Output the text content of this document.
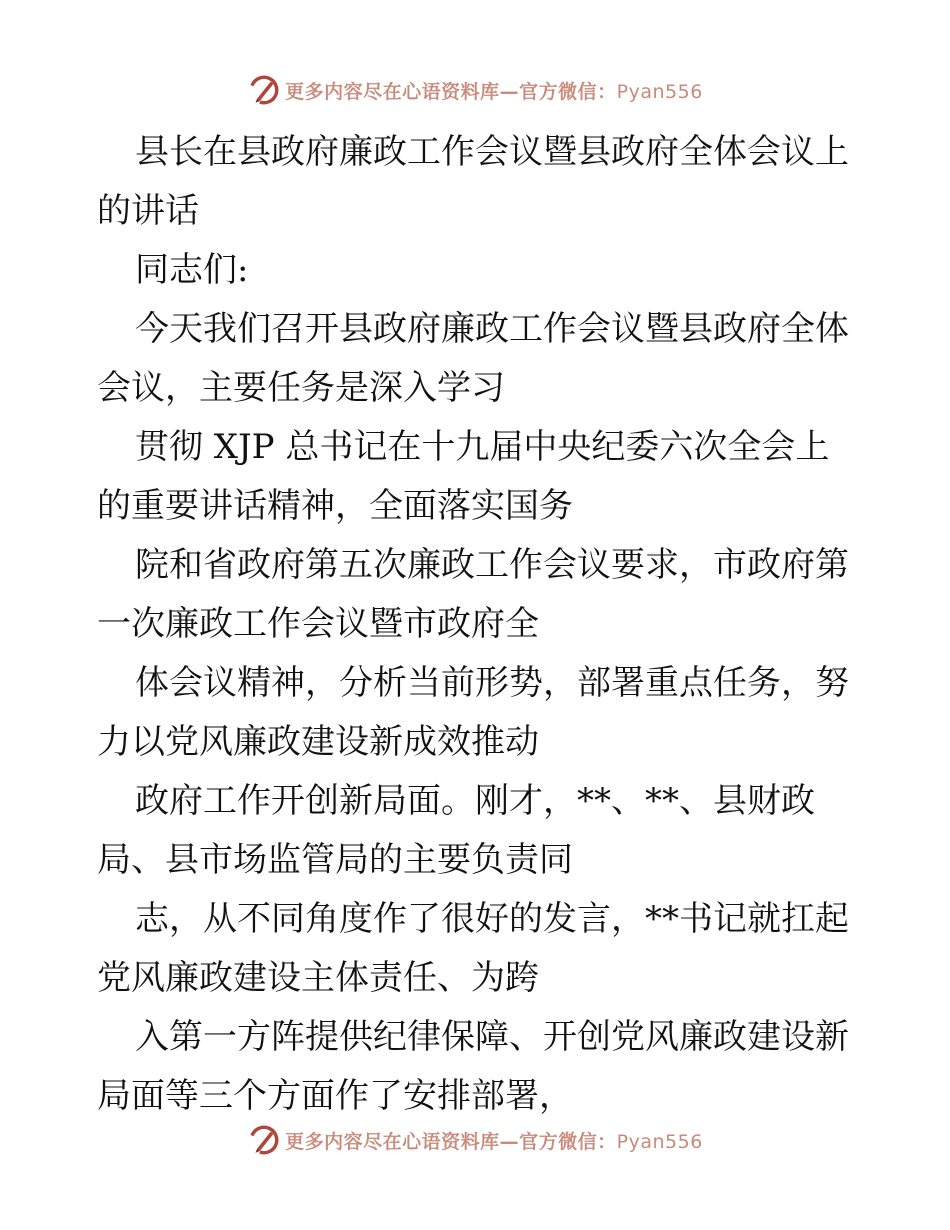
更多内容尽在心语资料库—官方微信：Pyan556
县长在县政府廉政工作会议暨县政府全体会议上
的讲话
同志们:
今天我们召开县政府廉政工作会议暨县政府全体
会议，主要任务是深入学习
贯彻 XJP 总书记在十九届中央纪委六次全会上
的重要讲话精神，全面落实国务
院和省政府第五次廉政工作会议要求，市政府第
一次廉政工作会议暨市政府全
体会议精神，分析当前形势，部署重点任务，努
力以党风廉政建设新成效推动
政府工作开创新局面。刚才，**、**、县财政
局、县市场监管局的主要负责同
志，从不同角度作了很好的发言，**书记就扛起
党风廉政建设主体责任、为跨
入第一方阵提供纪律保障、开创党风廉政建设新
局面等三个方面作了安排部署，
更多内容尽在心语资料库—官方微信：Pyan556
